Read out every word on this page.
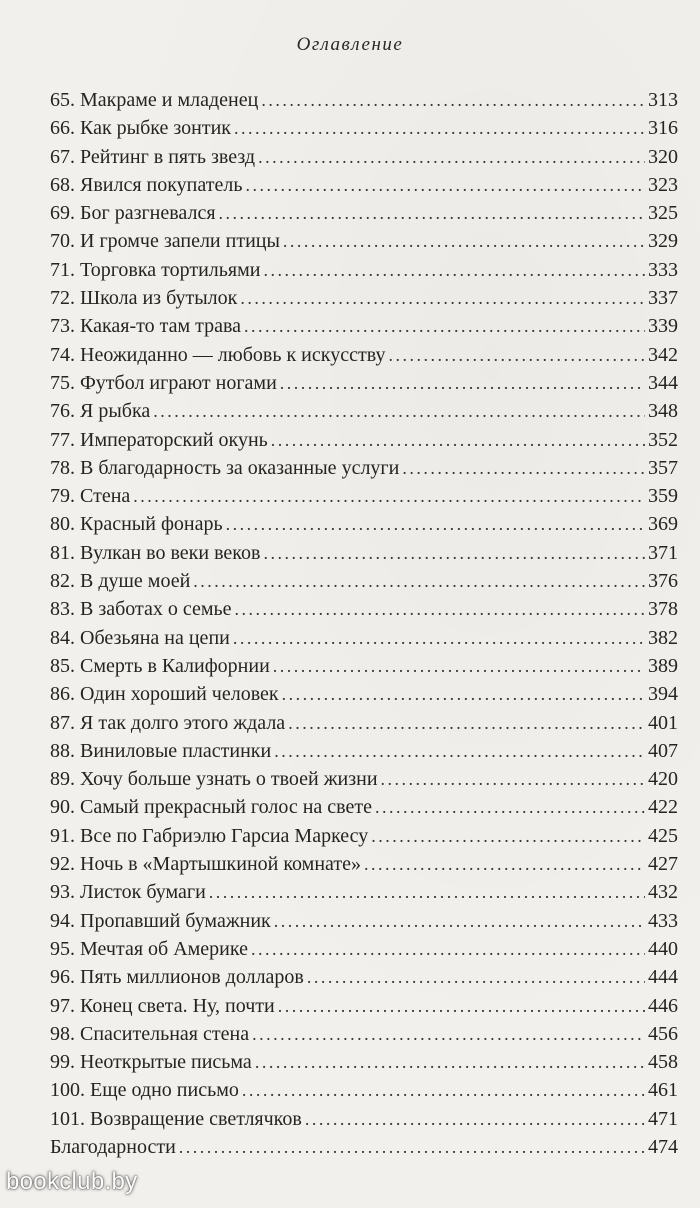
Оглавление
65. Макраме и младенец . . .	313
66. Как рыбке зонтик . . .	316
67. Рейтинг в пять звезд . . .	320
68. Явился покупатель . . .	323
69. Бог разгневался . . .	325
70. И громче запели птицы . . .	329
71. Торговка тортильями . . .	333
72. Школа из бутылок . . .	337
73. Какая-то там трава . . .	339
74. Неожиданно — любовь к искусству . . .	342
75. Футбол играют ногами . . .	344
76. Я рыбка . . .	348
77. Императорский окунь . . .	352
78. В благодарность за оказанные услуги . . .	357
79. Стена . . .	359
80. Красный фонарь . . .	369
81. Вулкан во веки веков . . .	371
82. В душе моей . . .	376
83. В заботах о семье . . .	378
84. Обезьяна на цепи . . .	382
85. Смерть в Калифорнии . . .	389
86. Один хороший человек . . .	394
87. Я так долго этого ждала . . .	401
88. Виниловые пластинки . . .	407
89. Хочу больше узнать о твоей жизни . . .	420
90. Самый прекрасный голос на свете . . .	422
91. Все по Габриэлю Гарсиа Маркесу . . .	425
92. Ночь в «Мартышкиной комнате» . . .	427
93. Листок бумаги . . .	432
94. Пропавший бумажник . . .	433
95. Мечтая об Америке . . .	440
96. Пять миллионов долларов . . .	444
97. Конец света. Ну, почти . . .	446
98. Спасительная стена . . .	456
99. Неоткрытые письма . . .	458
100. Еще одно письмо . . .	461
101. Возвращение светлячков . . .	471
Благодарности . . .	474
bookclub.by
